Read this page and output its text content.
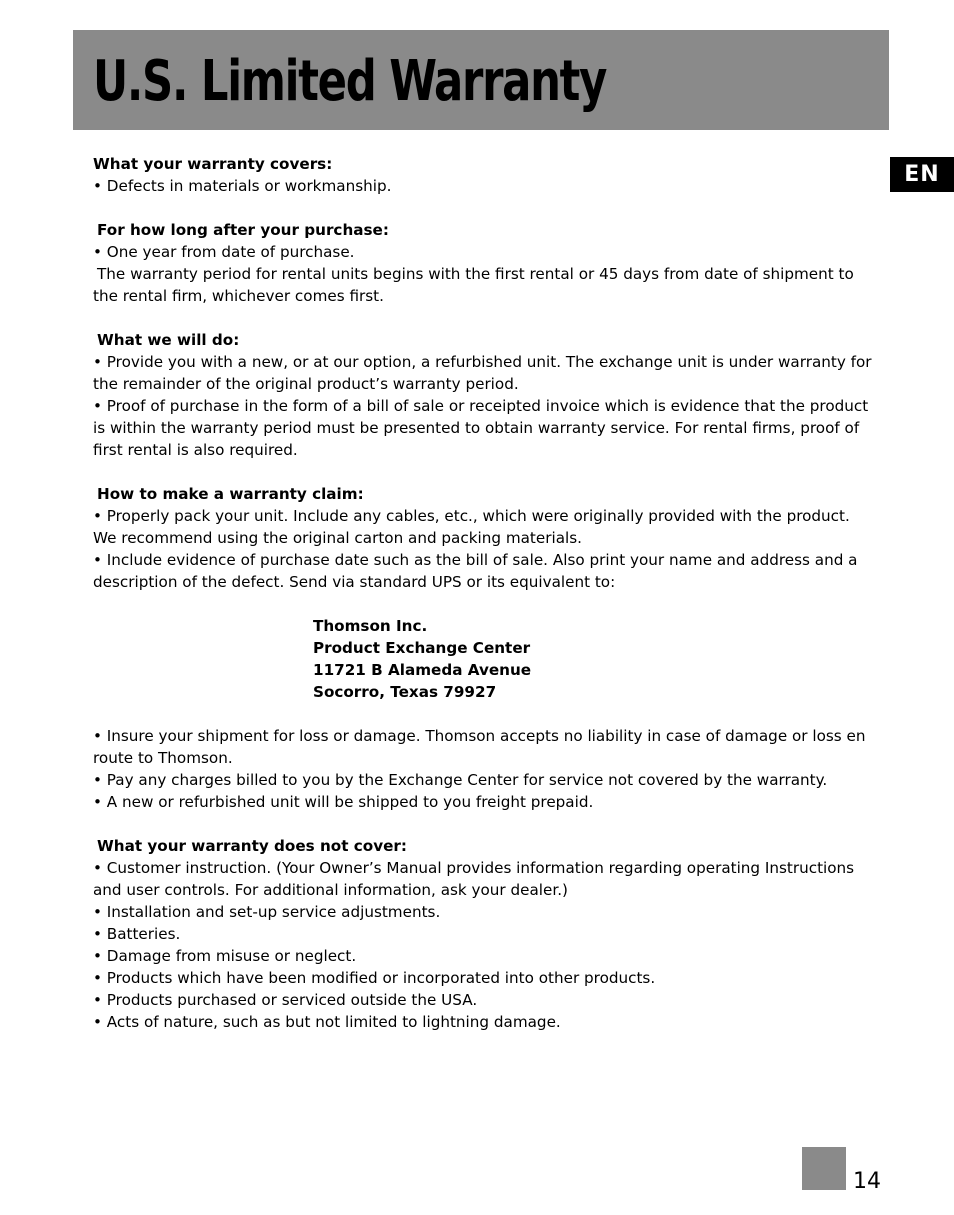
U.S. Limited Warranty
EN

What your warranty covers:

• Defects in materials or workmanship.

For how long after your purchase:

• One year from date of purchase.

The warranty period for rental units begins with the first rental or 45 days from date of shipment to the rental firm, whichever comes first.

What we will do:

• Provide you with a new, or at our option, a refurbished unit. The exchange unit is under warranty for the remainder of the original product’s warranty period.

• Proof of purchase in the form of a bill of sale or receipted invoice which is evidence that the product is within the warranty period must be presented to obtain warranty service. For rental firms, proof of first rental is also required.

How to make a warranty claim:

• Properly pack your unit. Include any cables, etc., which were originally provided with the product. We recommend using the original carton and packing materials.

• Include evidence of purchase date such as the bill of sale. Also print your name and address and a description of the defect. Send via standard UPS or its equivalent to:

Thomson Inc.

Product Exchange Center

11721 B Alameda Avenue

Socorro, Texas 79927

• Insure your shipment for loss or damage. Thomson accepts no liability in case of damage or loss en route to Thomson.

• Pay any charges billed to you by the Exchange Center for service not covered by the warranty.

• A new or refurbished unit will be shipped to you freight prepaid.

What your warranty does not cover:

• Customer instruction. (Your Owner’s Manual provides information regarding operating Instructions and user controls. For additional information, ask your dealer.)

• Installation and set-up service adjustments.

• Batteries.

• Damage from misuse or neglect.

• Products which have been modified or incorporated into other products.

• Products purchased or serviced outside the USA.

• Acts of nature, such as but not limited to lightning damage.

14
